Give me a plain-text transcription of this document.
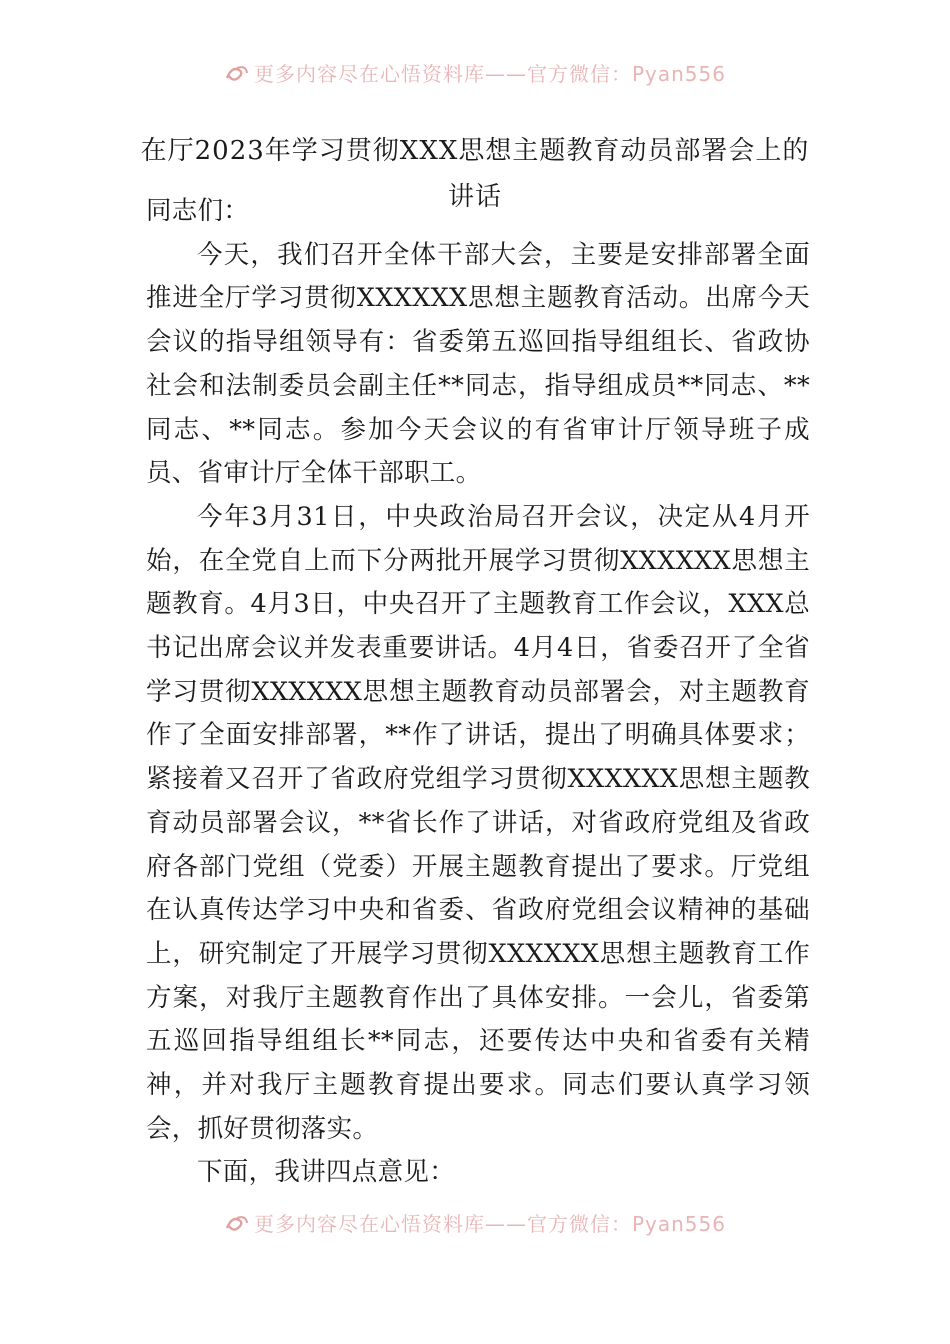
更多内容尽在心悟资料库——官方微信：Pyan556
在厅2023年学习贯彻XXX思想主题教育动员部署会上的讲话

同志们：

今天，我们召开全体干部大会，主要是安排部署全面推进全厅学习贯彻XXXXXX思想主题教育活动。出席今天会议的指导组领导有：省委第五巡回指导组组长、省政协社会和法制委员会副主任**同志，指导组成员**同志、**同志、**同志。参加今天会议的有省审计厅领导班子成员、省审计厅全体干部职工。

今年3月31日，中央政治局召开会议，决定从4月开始，在全党自上而下分两批开展学习贯彻XXXXXX思想主题教育。4月3日，中央召开了主题教育工作会议，XXX总书记出席会议并发表重要讲话。4月4日，省委召开了全省学习贯彻XXXXXX思想主题教育动员部署会，对主题教育作了全面安排部署，**作了讲话，提出了明确具体要求；紧接着又召开了省政府党组学习贯彻XXXXXX思想主题教育动员部署会议，**省长作了讲话，对省政府党组及省政府各部门党组（党委）开展主题教育提出了要求。厅党组在认真传达学习中央和省委、省政府党组会议精神的基础上，研究制定了开展学习贯彻XXXXXX思想主题教育工作方案，对我厅主题教育作出了具体安排。一会儿，省委第五巡回指导组组长**同志，还要传达中央和省委有关精神，并对我厅主题教育提出要求。同志们要认真学习领会，抓好贯彻落实。

下面，我讲四点意见：

更多内容尽在心悟资料库——官方微信：Pyan556
